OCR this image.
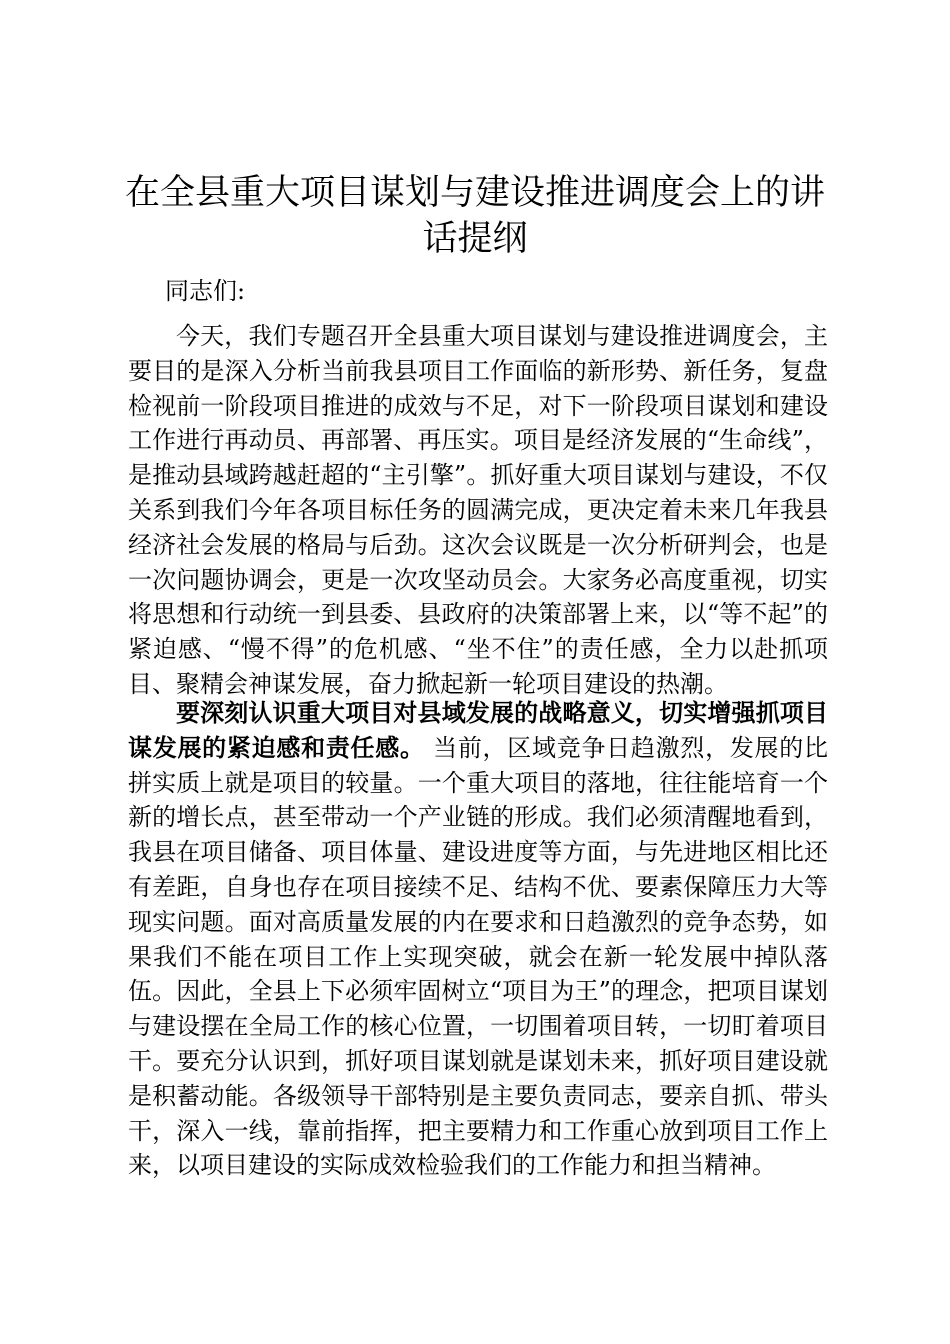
在全县重大项目谋划与建设推进调度会上的讲话提纲

同志们:

今天，我们专题召开全县重大项目谋划与建设推进调度会，主要目的是深入分析当前我县项目工作面临的新形势、新任务，复盘检视前一阶段项目推进的成效与不足，对下一阶段项目谋划和建设工作进行再动员、再部署、再压实。项目是经济发展的“生命线”，是推动县域跨越赶超的“主引擎”。抓好重大项目谋划与建设，不仅关系到我们今年各项目标任务的圆满完成，更决定着未来几年我县经济社会发展的格局与后劲。这次会议既是一次分析研判会，也是一次问题协调会，更是一次攻坚动员会。大家务必高度重视，切实将思想和行动统一到县委、县政府的决策部署上来，以“等不起”的紧迫感、“慢不得”的危机感、“坐不住”的责任感，全力以赴抓项目、聚精会神谋发展，奋力掀起新一轮项目建设的热潮。

要深刻认识重大项目对县域发展的战略意义，切实增强抓项目谋发展的紧迫感和责任感。 当前，区域竞争日趋激烈，发展的比拼实质上就是项目的较量。一个重大项目的落地，往往能培育一个新的增长点，甚至带动一个产业链的形成。我们必须清醒地看到，我县在项目储备、项目体量、建设进度等方面，与先进地区相比还有差距，自身也存在项目接续不足、结构不优、要素保障压力大等现实问题。面对高质量发展的内在要求和日趋激烈的竞争态势，如果我们不能在项目工作上实现突破，就会在新一轮发展中掉队落伍。因此，全县上下必须牢固树立“项目为王”的理念，把项目谋划与建设摆在全局工作的核心位置，一切围着项目转，一切盯着项目干。要充分认识到，抓好项目谋划就是谋划未来，抓好项目建设就是积蓄动能。各级领导干部特别是主要负责同志，要亲自抓、带头干，深入一线，靠前指挥，把主要精力和工作重心放到项目工作上来，以项目建设的实际成效检验我们的工作能力和担当精神。
